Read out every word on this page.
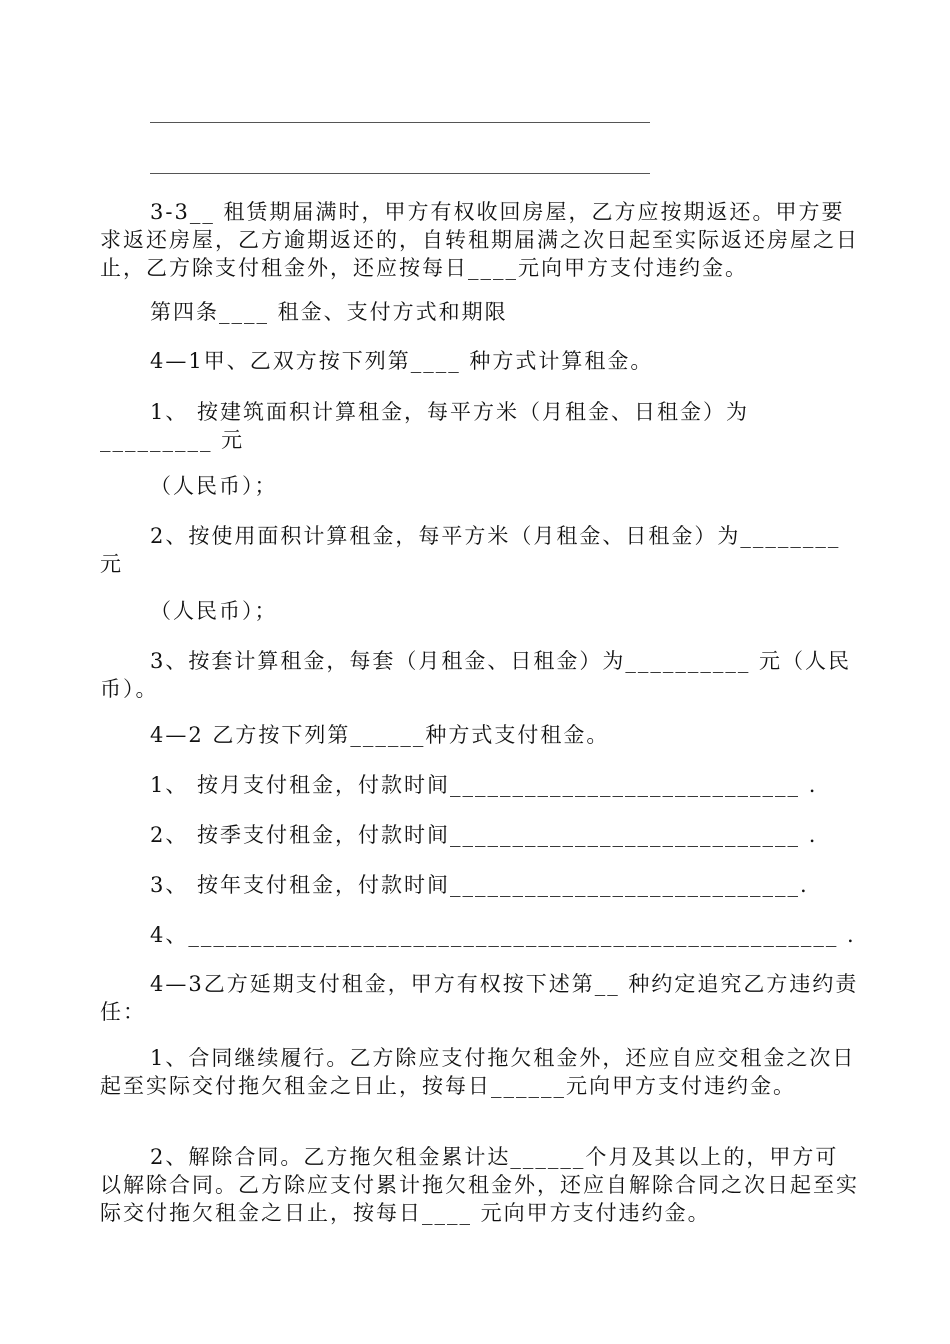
3-3__ 租赁期届满时，甲方有权收回房屋，乙方应按期返还。甲方要求返还房屋，乙方逾期返还的，自转租期届满之次日起至实际返还房屋之日止，乙方除支付租金外，还应按每日____元向甲方支付违约金。

第四条____ 租金、支付方式和期限

4—1甲、乙双方按下列第____ 种方式计算租金。

1、 按建筑面积计算租金，每平方米（月租金、日租金）为_________ 元

（人民币）；

2、按使用面积计算租金，每平方米（月租金、日租金）为________ 元

（人民币）；

3、按套计算租金，每套（月租金、日租金）为__________ 元（人民币）。

4—2 乙方按下列第______种方式支付租金。

1、 按月支付租金，付款时间____________________________ .

2、 按季支付租金，付款时间____________________________ .

3、 按年支付租金，付款时间____________________________.

4、____________________________________________________ .

4—3乙方延期支付租金，甲方有权按下述第__ 种约定追究乙方违约责任：

1、合同继续履行。乙方除应支付拖欠租金外，还应自应交租金之次日起至实际交付拖欠租金之日止，按每日______元向甲方支付违约金。

2、解除合同。乙方拖欠租金累计达______个月及其以上的，甲方可以解除合同。乙方除应支付累计拖欠租金外，还应自解除合同之次日起至实际交付拖欠租金之日止，按每日____ 元向甲方支付违约金。
